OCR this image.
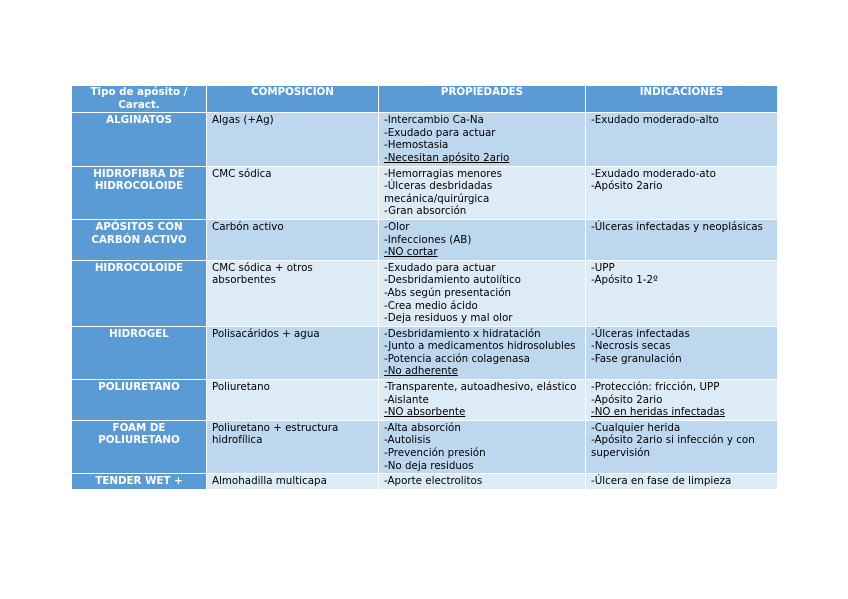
Tipo de apósito / Caract.	COMPOSICIÓN	PROPIEDADES	INDICACIONES
ALGINATOS	Algas (+Ag)	-Intercambio Ca-Na
-Exudado para actuar
-Hemostasia
-Necesitan apósito 2ario	-Exudado moderado-alto

HIDROFIBRA DE HIDROCOLOIDE	CMC sódica	-Hemorragias menores
-Úlceras desbridadas mecánica/quirúrgica
-Gran absorción	-Exudado moderado-ato
-Apósito 2ario

APÓSITOS CON CARBÓN ACTIVO	Carbón activo	-Olor
-Infecciones (AB)
-NO cortar	-Úlceras infectadas y neoplásicas

HIDROCOLOIDE	CMC sódica + otros absorbentes	-Exudado para actuar
-Desbridamiento autolítico
-Abs según presentación
-Crea medio ácido
-Deja residuos y mal olor	-UPP
-Apósito 1-2º

HIDROGEL	Polisacáridos + agua	-Desbridamiento x hidratación
-Junto a medicamentos hidrosolubles
-Potencia acción colagenasa
-No adherente	-Úlceras infectadas
-Necrosis secas
-Fase granulación

POLIURETANO	Poliuretano	-Transparente, autoadhesivo, elástico
-Aislante
-NO absorbente	-Protección: fricción, UPP
-Apósito 2ario
-NO en heridas infectadas

FOAM DE POLIURETANO	Poliuretano + estructura hidrofílica	-Alta absorción
-Autolisis
-Prevención presión
-No deja residuos	-Cualquier herida
-Apósito 2ario si infección y con supervisión

TENDER WET +	Almohadilla multicapa	-Aporte electrolitos	-Úlcera en fase de limpieza
